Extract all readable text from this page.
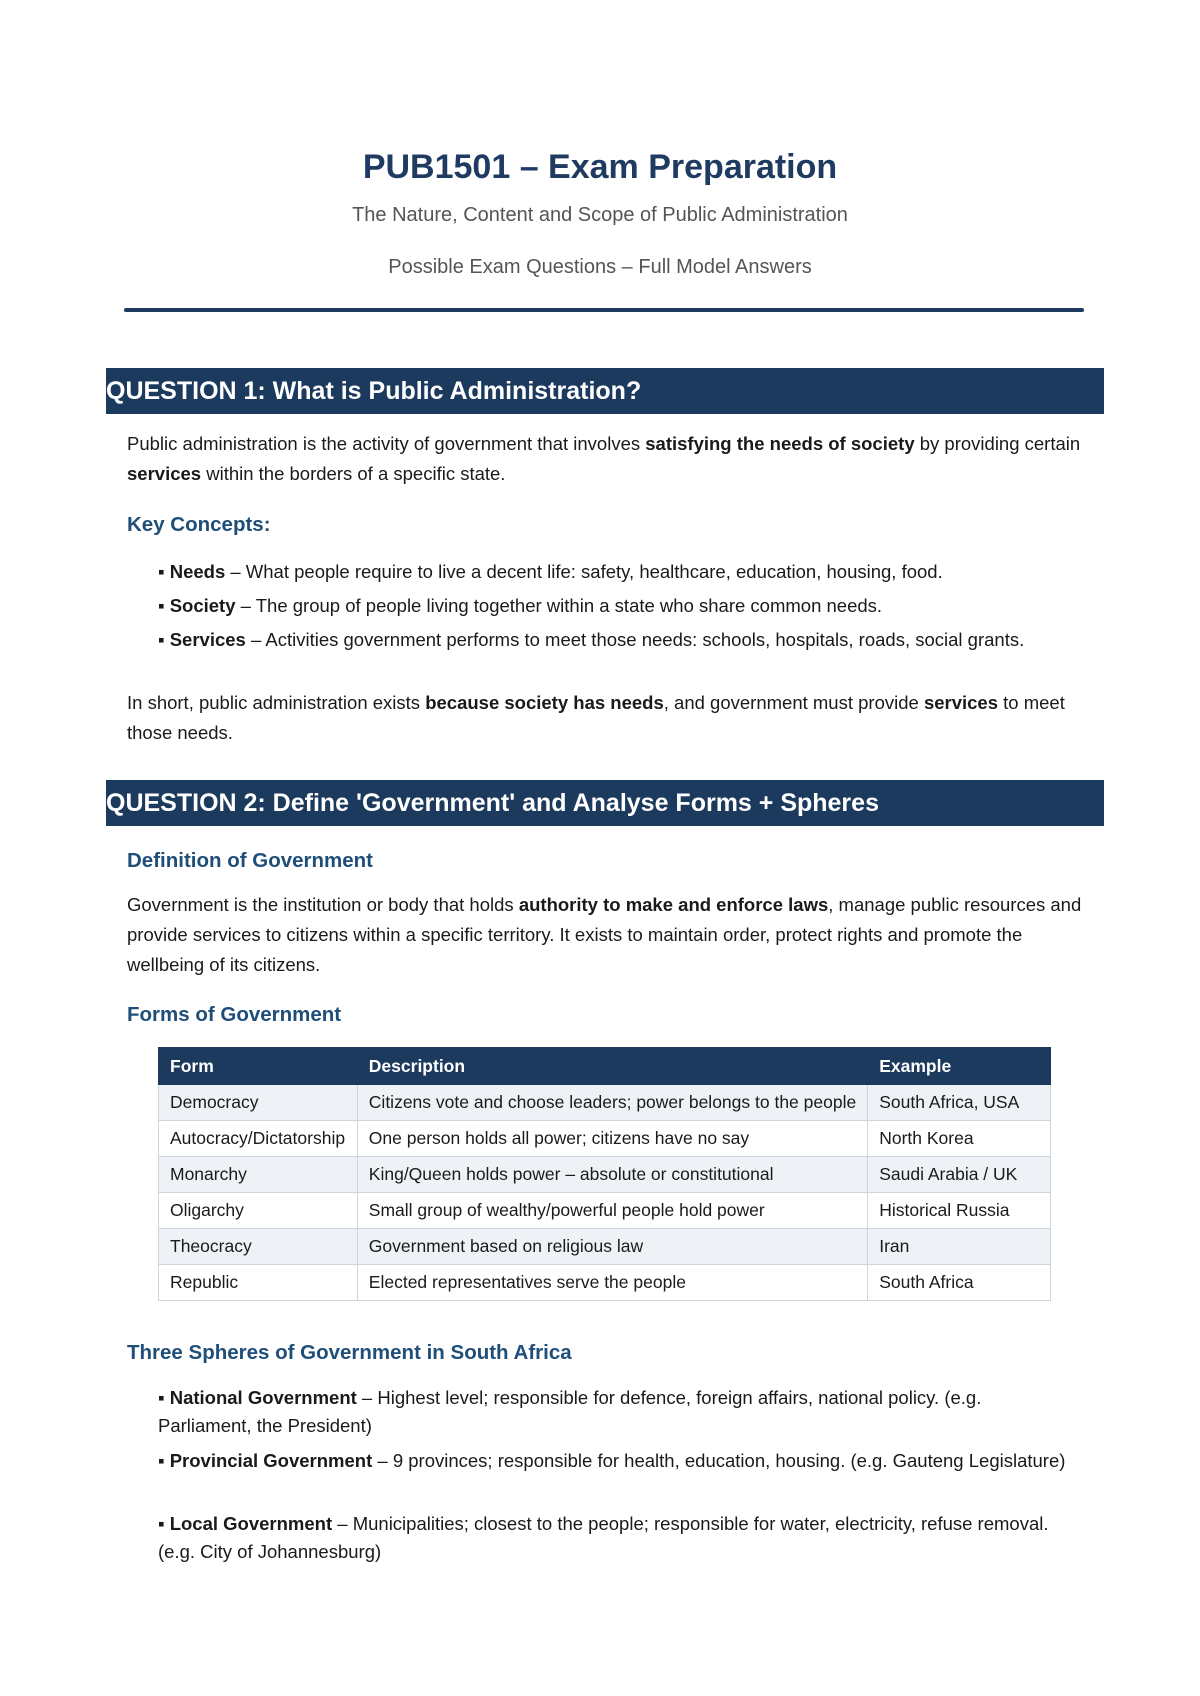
PUB1501 – Exam Preparation

The Nature, Content and Scope of Public Administration

Possible Exam Questions – Full Model Answers

QUESTION 1: What is Public Administration?

Public administration is the activity of government that involves satisfying the needs of society by providing certain services within the borders of a specific state.

Key Concepts:

▪ Needs – What people require to live a decent life: safety, healthcare, education, housing, food.

▪ Society – The group of people living together within a state who share common needs.

▪ Services – Activities government performs to meet those needs: schools, hospitals, roads, social grants.

In short, public administration exists because society has needs, and government must provide services to meet those needs.

QUESTION 2: Define 'Government' and Analyse Forms + Spheres
Definition of Government

Government is the institution or body that holds authority to make and enforce laws, manage public resources and provide services to citizens within a specific territory. It exists to maintain order, protect rights and promote the wellbeing of its citizens.

Forms of Government
Form	Description	Example
Democracy	Citizens vote and choose leaders; power belongs to the people	South Africa, USA
Autocracy/Dictatorship	One person holds all power; citizens have no say	North Korea
Monarchy	King/Queen holds power – absolute or constitutional	Saudi Arabia / UK
Oligarchy	Small group of wealthy/powerful people hold power	Historical Russia
Theocracy	Government based on religious law	Iran
Republic	Elected representatives serve the people	South Africa
Three Spheres of Government in South Africa

▪ National Government – Highest level; responsible for defence, foreign affairs, national policy. (e.g. Parliament, the President)

▪ Provincial Government – 9 provinces; responsible for health, education, housing. (e.g. Gauteng Legislature)

▪ Local Government – Municipalities; closest to the people; responsible for water, electricity, refuse removal. (e.g. City of Johannesburg)
